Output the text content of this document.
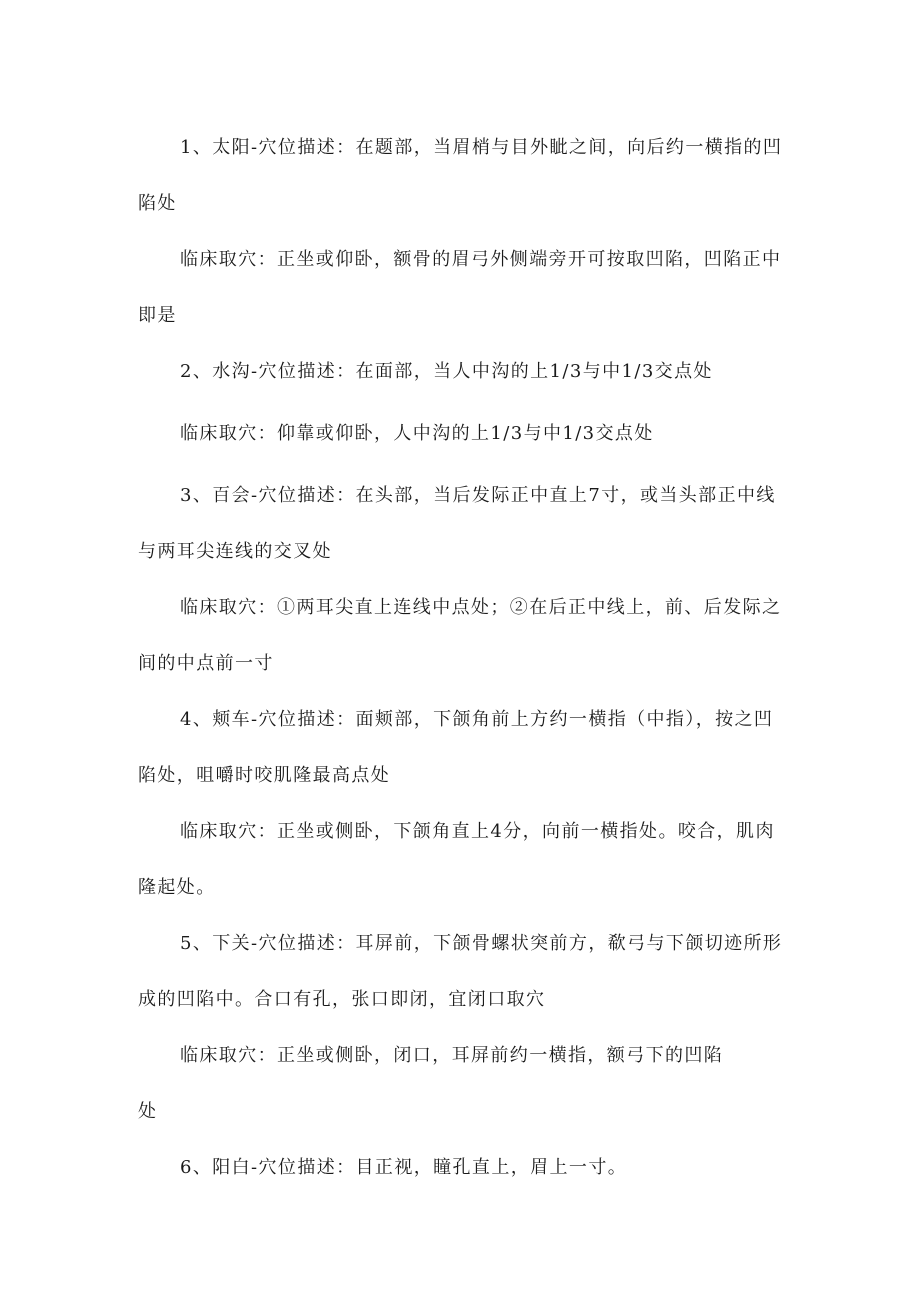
1、太阳-穴位描述：在题部，当眉梢与目外眦之间，向后约一横指的凹陷处

临床取穴：正坐或仰卧，额骨的眉弓外侧端旁开可按取凹陷，凹陷正中即是

2、水沟-穴位描述：在面部，当人中沟的上1/3与中1/3交点处

临床取穴：仰靠或仰卧，人中沟的上1/3与中1/3交点处

3、百会-穴位描述：在头部，当后发际正中直上7寸，或当头部正中线与两耳尖连线的交叉处

临床取穴：①两耳尖直上连线中点处；②在后正中线上，前、后发际之间的中点前一寸

4、颊车-穴位描述：面颊部，下颌角前上方约一横指（中指），按之凹陷处，咀嚼时咬肌隆最高点处

临床取穴：正坐或侧卧，下颌角直上4分，向前一横指处。咬合，肌肉隆起处。

5、下关-穴位描述：耳屏前，下颌骨螺状突前方，欷弓与下颌切迹所形成的凹陷中。合口有孔，张口即闭，宜闭口取穴

临床取穴：正坐或侧卧，闭口，耳屏前约一横指，额弓下的凹陷处

6、阳白-穴位描述：目正视，瞳孔直上，眉上一寸。
